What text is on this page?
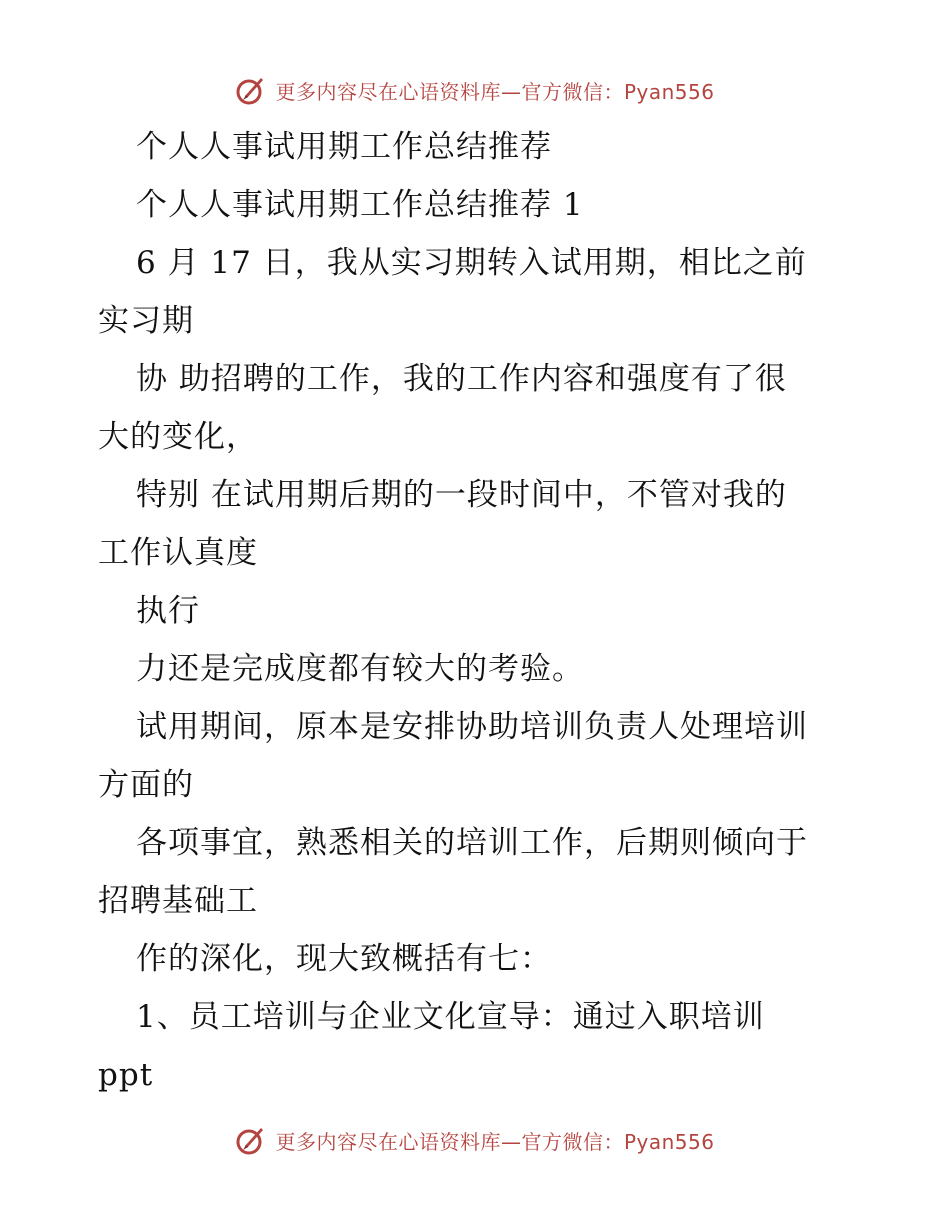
更多内容尽在心语资料库—官方微信：Pyan556
个人人事试用期工作总结推荐
个人人事试用期工作总结推荐 1
6 月 17 日，我从实习期转入试用期，相比之前
实习期
协 助招聘的工作，我的工作内容和强度有了很
大的变化，
特别 在试用期后期的一段时间中，不管对我的
工作认真度
执行
力还是完成度都有较大的考验。
试用期间，原本是安排协助培训负责人处理培训
方面的
各项事宜，熟悉相关的培训工作，后期则倾向于
招聘基础工
作的深化，现大致概括有七：
1、员工培训与企业文化宣导：通过入职培训
ppt
更多内容尽在心语资料库—官方微信：Pyan556
